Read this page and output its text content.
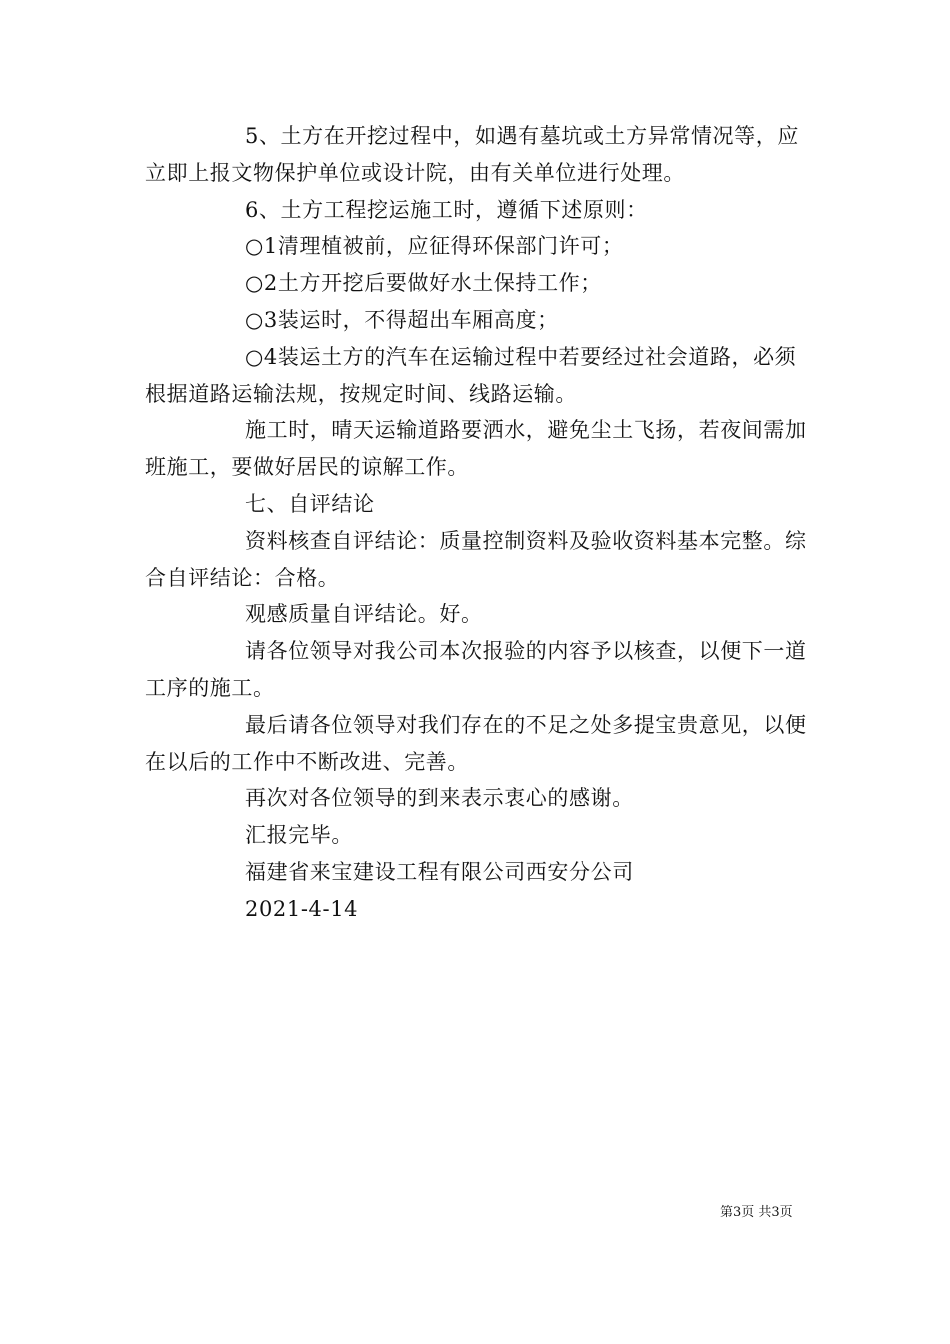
5、土方在开挖过程中，如遇有墓坑或土方异常情况等，应立即上报文物保护单位或设计院，由有关单位进行处理。

6、土方工程挖运施工时，遵循下述原则：

○1清理植被前，应征得环保部门许可；

○2土方开挖后要做好水土保持工作；

○3装运时，不得超出车厢高度；

○4装运土方的汽车在运输过程中若要经过社会道路，必须根据道路运输法规，按规定时间、线路运输。

施工时，晴天运输道路要洒水，避免尘土飞扬，若夜间需加班施工，要做好居民的谅解工作。

七、自评结论

资料核查自评结论：质量控制资料及验收资料基本完整。综合自评结论：合格。

观感质量自评结论。好。

请各位领导对我公司本次报验的内容予以核查，以便下一道工序的施工。

最后请各位领导对我们存在的不足之处多提宝贵意见，以便在以后的工作中不断改进、完善。

再次对各位领导的到来表示衷心的感谢。

汇报完毕。

福建省来宝建设工程有限公司西安分公司

2021-4-14

第3页 共3页
